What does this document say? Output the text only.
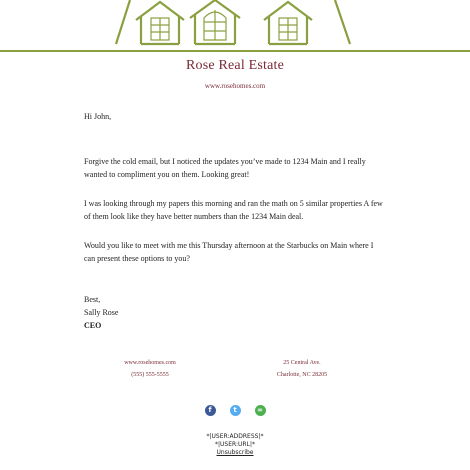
Rose Real Estate
www.rosehomes.com
Hi John,
Forgive the cold email, but I noticed the updates you’ve made to 1234 Main and I really wanted to compliment you on them. Looking great!
I was looking through my papers this morning and ran the math on 5 similar properties A few of them look like they have better numbers than the 1234 Main deal.
Would you like to meet with me this Thursday afternoon at the Starbucks on Main where I can present these options to you?
Best,
Sally Rose
CEO
www.rosehomes.com
(555) 555-5555
25 Central Ave.
Charlotte, NC 28205
f	t	∞
*|USER:ADDRESS|*
*|USER:URL|*
Unsubscribe
